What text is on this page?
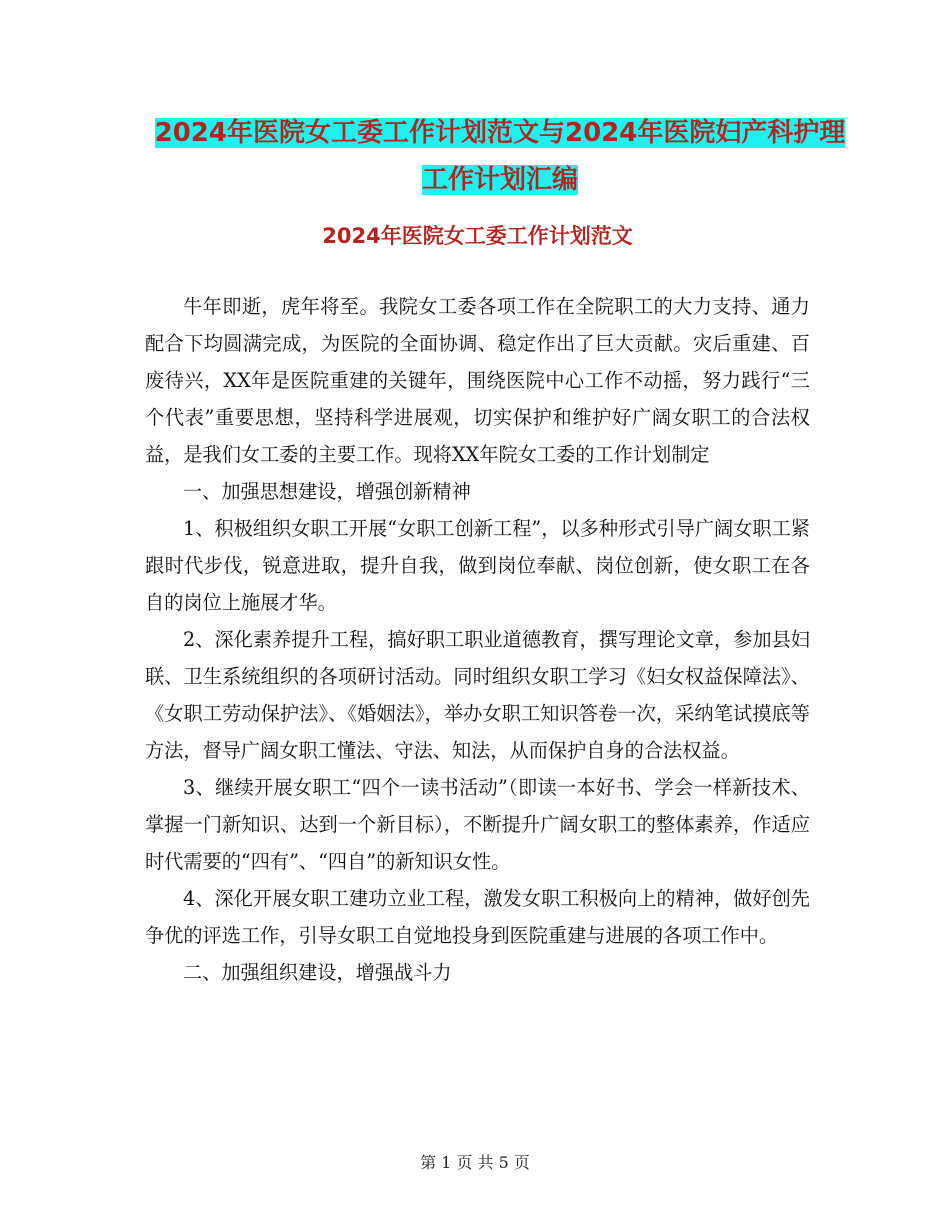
2024年医院女工委工作计划范文与2024年医院妇产科护理工作计划汇编
2024年医院女工委工作计划范文

牛年即逝，虎年将至。我院女工委各项工作在全院职工的大力支持、通力配合下均圆满完成，为医院的全面协调、稳定作出了巨大贡献。灾后重建、百废待兴，XX年是医院重建的关键年，围绕医院中心工作不动摇，努力践行“三个代表”重要思想，坚持科学进展观，切实保护和维护好广阔女职工的合法权益，是我们女工委的主要工作。现将XX年院女工委的工作计划制定

一、加强思想建设，增强创新精神

1、积极组织女职工开展“女职工创新工程”，以多种形式引导广阔女职工紧跟时代步伐，锐意进取，提升自我，做到岗位奉献、岗位创新，使女职工在各自的岗位上施展才华。

2、深化素养提升工程，搞好职工职业道德教育，撰写理论文章，参加县妇联、卫生系统组织的各项研讨活动。同时组织女职工学习《妇女权益保障法》、《女职工劳动保护法》、《婚姻法》，举办女职工知识答卷一次，采纳笔试摸底等方法，督导广阔女职工懂法、守法、知法，从而保护自身的合法权益。

3、继续开展女职工“四个一读书活动”（即读一本好书、学会一样新技术、掌握一门新知识、达到一个新目标），不断提升广阔女职工的整体素养，作适应时代需要的“四有”、“四自”的新知识女性。

4、深化开展女职工建功立业工程，激发女职工积极向上的精神，做好创先争优的评选工作，引导女职工自觉地投身到医院重建与进展的各项工作中。

二、加强组织建设，增强战斗力

第 1 页 共 5 页
